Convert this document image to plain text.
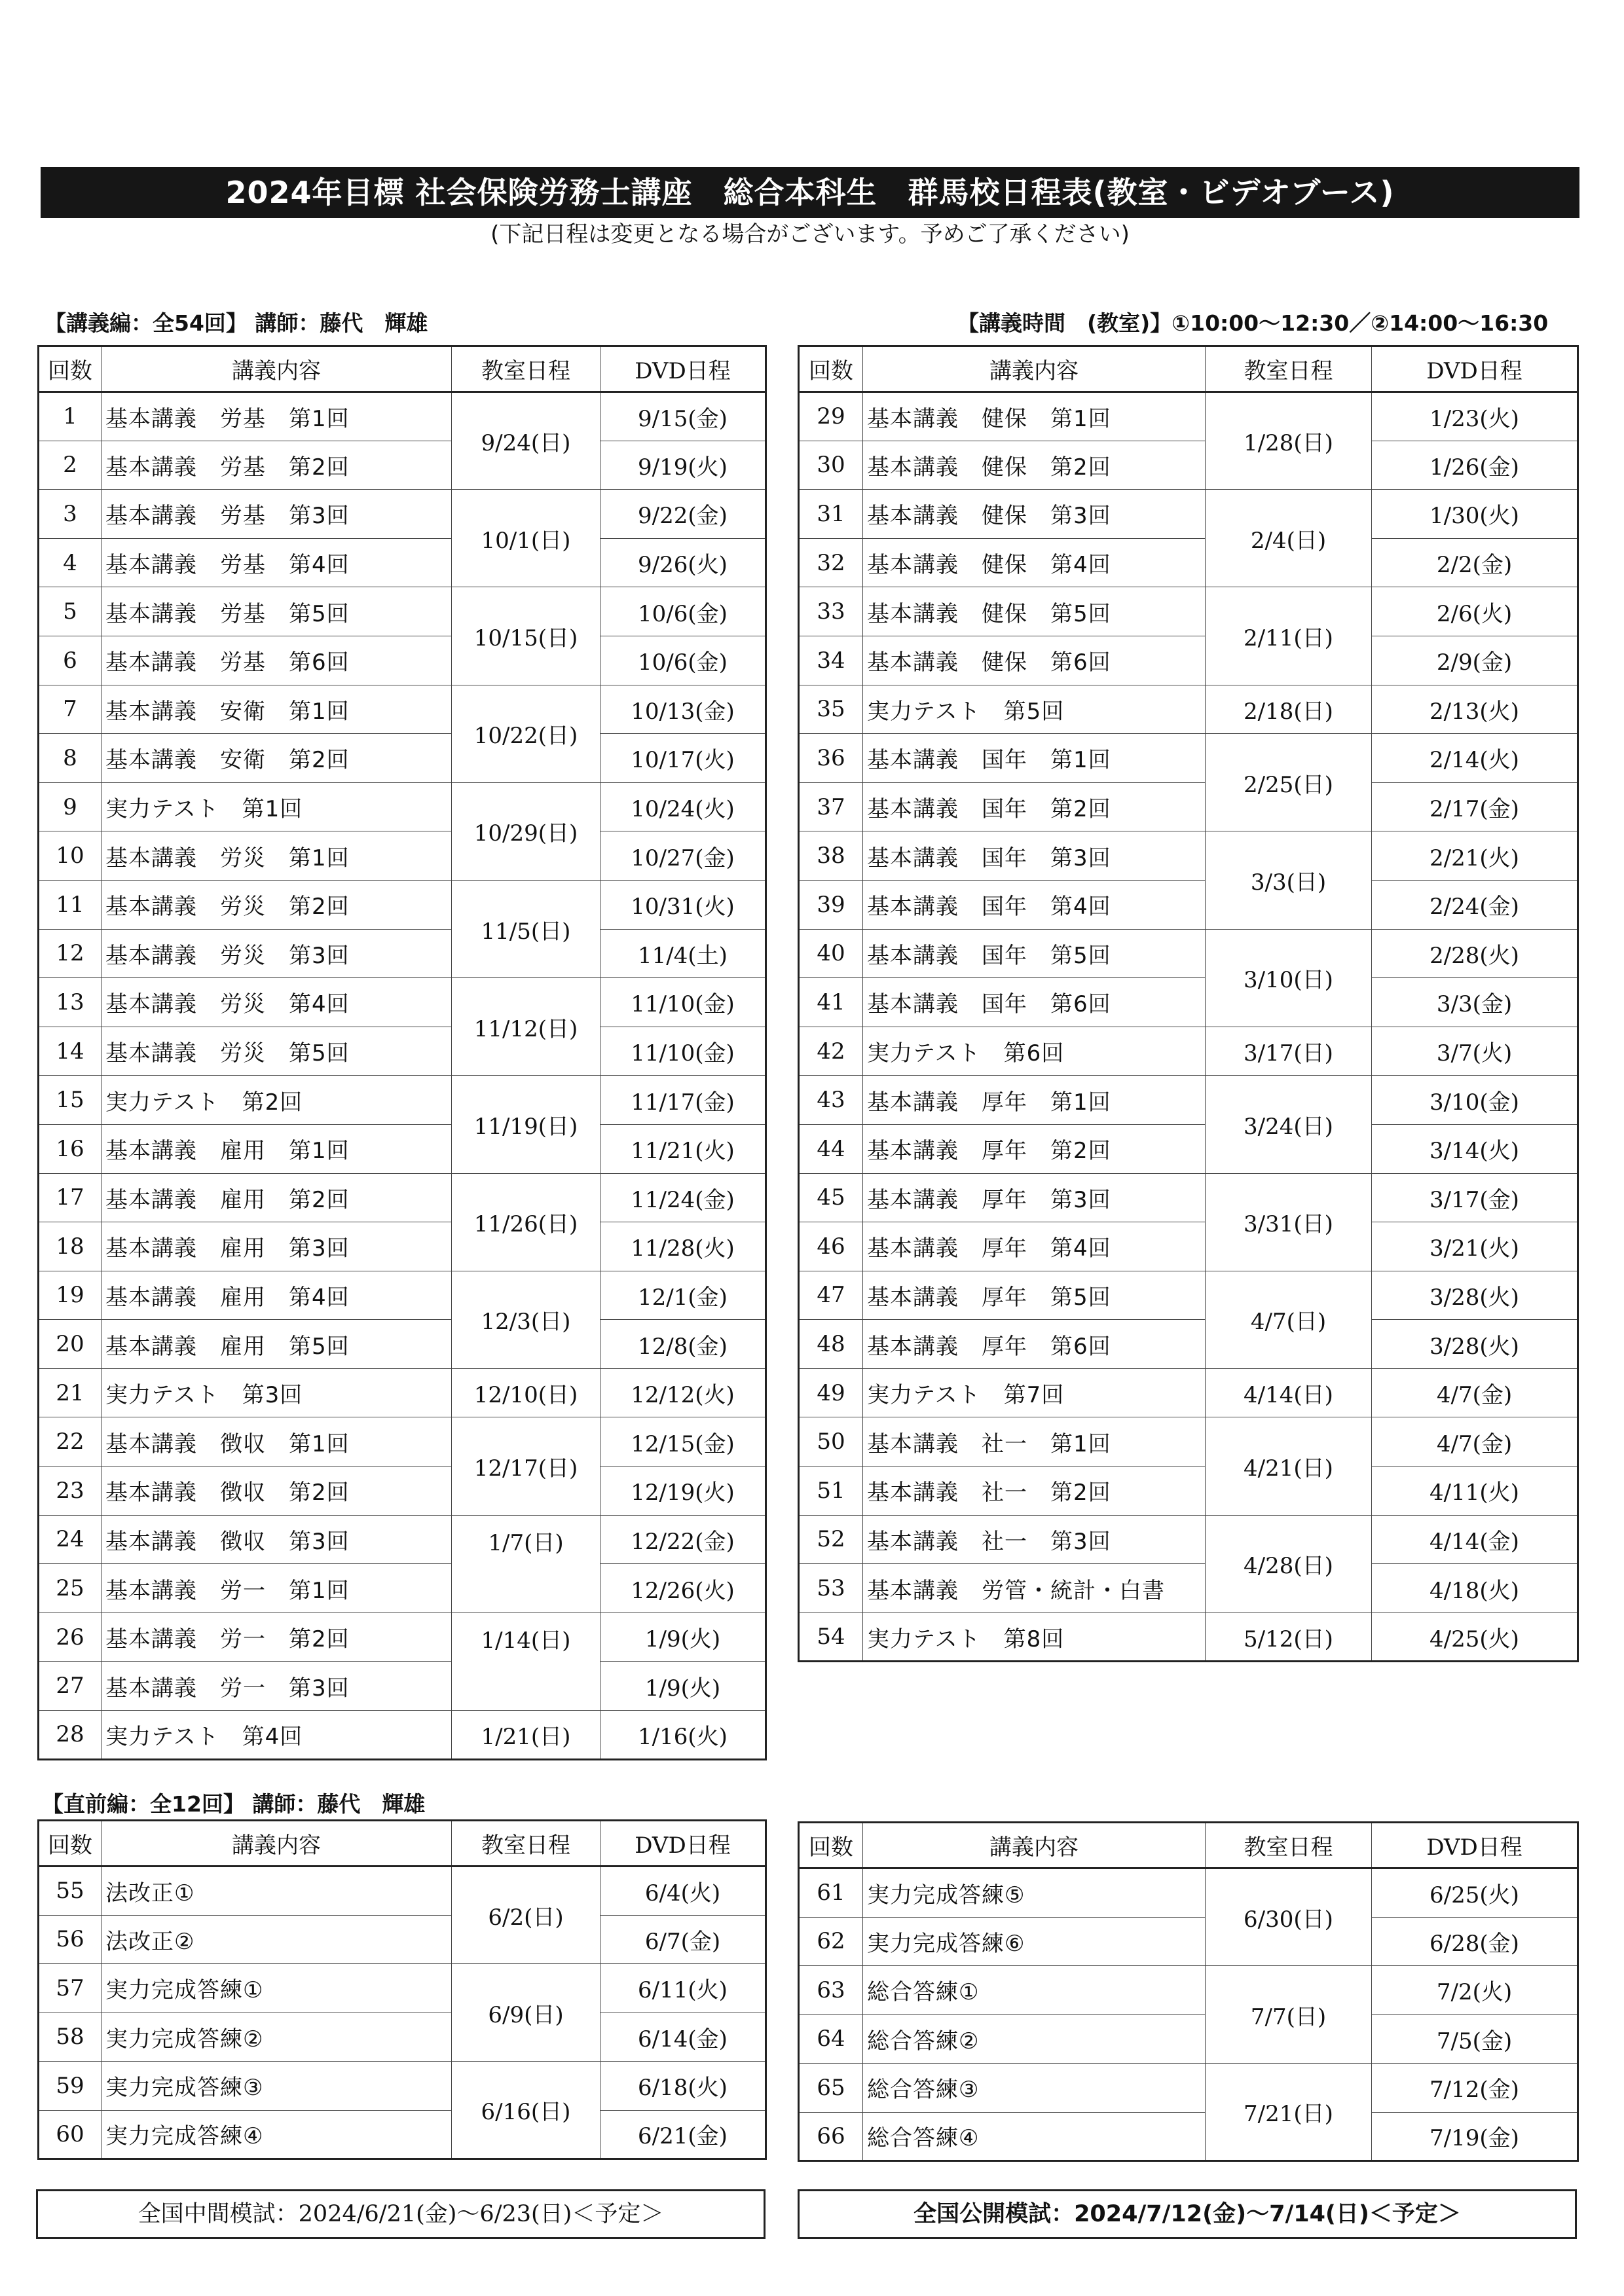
2024年目標 社会保険労務士講座　総合本科生　群馬校日程表(教室・ビデオブース)
(下記日程は変更となる場合がございます。予めご了承ください)
【講義編：全54回】 講師：藤代　輝雄	【講義時間　(教室)】①10:00～12:30／②14:00～16:30
回数	講義内容	教室日程	DVD日程
1	基本講義　労基　第1回	9/24(日)	9/15(金)
2	基本講義　労基　第2回		9/19(火)
3	基本講義　労基　第3回	10/1(日)	9/22(金)
4	基本講義　労基　第4回		9/26(火)
5	基本講義　労基　第5回	10/15(日)	10/6(金)
6	基本講義　労基　第6回		10/6(金)
7	基本講義　安衛　第1回	10/22(日)	10/13(金)
8	基本講義　安衛　第2回		10/17(火)
9	実力テスト　第1回	10/29(日)	10/24(火)
10	基本講義　労災　第1回		10/27(金)
11	基本講義　労災　第2回	11/5(日)	10/31(火)
12	基本講義　労災　第3回		11/4(土)
13	基本講義　労災　第4回	11/12(日)	11/10(金)
14	基本講義　労災　第5回		11/10(金)
15	実力テスト　第2回	11/19(日)	11/17(金)
16	基本講義　雇用　第1回		11/21(火)
17	基本講義　雇用　第2回	11/26(日)	11/24(金)
18	基本講義　雇用　第3回		11/28(火)
19	基本講義　雇用　第4回	12/3(日)	12/1(金)
20	基本講義　雇用　第5回		12/8(金)
21	実力テスト　第3回	12/10(日)	12/12(火)
22	基本講義　徴収　第1回	12/17(日)	12/15(金)
23	基本講義　徴収　第2回		12/19(火)
24	基本講義　徴収　第3回	1/7(日)	12/22(金)
25	基本講義　労一　第1回		12/26(火)
26	基本講義　労一　第2回	1/14(日)	1/9(火)
27	基本講義　労一　第3回		1/9(火)
28	実力テスト　第4回	1/21(日)	1/16(火)
回数	講義内容	教室日程	DVD日程
29	基本講義　健保　第1回	1/28(日)	1/23(火)
30	基本講義　健保　第2回		1/26(金)
31	基本講義　健保　第3回	2/4(日)	1/30(火)
32	基本講義　健保　第4回		2/2(金)
33	基本講義　健保　第5回	2/11(日)	2/6(火)
34	基本講義　健保　第6回		2/9(金)
35	実力テスト　第5回	2/18(日)	2/13(火)
36	基本講義　国年　第1回	2/25(日)	2/14(火)
37	基本講義　国年　第2回		2/17(金)
38	基本講義　国年　第3回	3/3(日)	2/21(火)
39	基本講義　国年　第4回		2/24(金)
40	基本講義　国年　第5回	3/10(日)	2/28(火)
41	基本講義　国年　第6回		3/3(金)
42	実力テスト　第6回	3/17(日)	3/7(火)
43	基本講義　厚年　第1回	3/24(日)	3/10(金)
44	基本講義　厚年　第2回		3/14(火)
45	基本講義　厚年　第3回	3/31(日)	3/17(金)
46	基本講義　厚年　第4回		3/21(火)
47	基本講義　厚年　第5回	4/7(日)	3/28(火)
48	基本講義　厚年　第6回		3/28(火)
49	実力テスト　第7回	4/14(日)	4/7(金)
50	基本講義　社一　第1回	4/21(日)	4/7(金)
51	基本講義　社一　第2回		4/11(火)
52	基本講義　社一　第3回	4/28(日)	4/14(金)
53	基本講義　労管・統計・白書		4/18(火)
54	実力テスト　第8回	5/12(日)	4/25(火)
【直前編：全12回】 講師：藤代　輝雄
回数	講義内容	教室日程	DVD日程
55	法改正①	6/2(日)	6/4(火)
56	法改正②		6/7(金)
57	実力完成答練①	6/9(日)	6/11(火)
58	実力完成答練②		6/14(金)
59	実力完成答練③	6/16(日)	6/18(火)
60	実力完成答練④		6/21(金)
回数	講義内容	教室日程	DVD日程
61	実力完成答練⑤	6/30(日)	6/25(火)
62	実力完成答練⑥		6/28(金)
63	総合答練①	7/7(日)	7/2(火)
64	総合答練②		7/5(金)
65	総合答練③	7/21(日)	7/12(金)
66	総合答練④		7/19(金)
全国中間模試：2024/6/21(金)～6/23(日)＜予定＞	全国公開模試：2024/7/12(金)～7/14(日)＜予定＞
